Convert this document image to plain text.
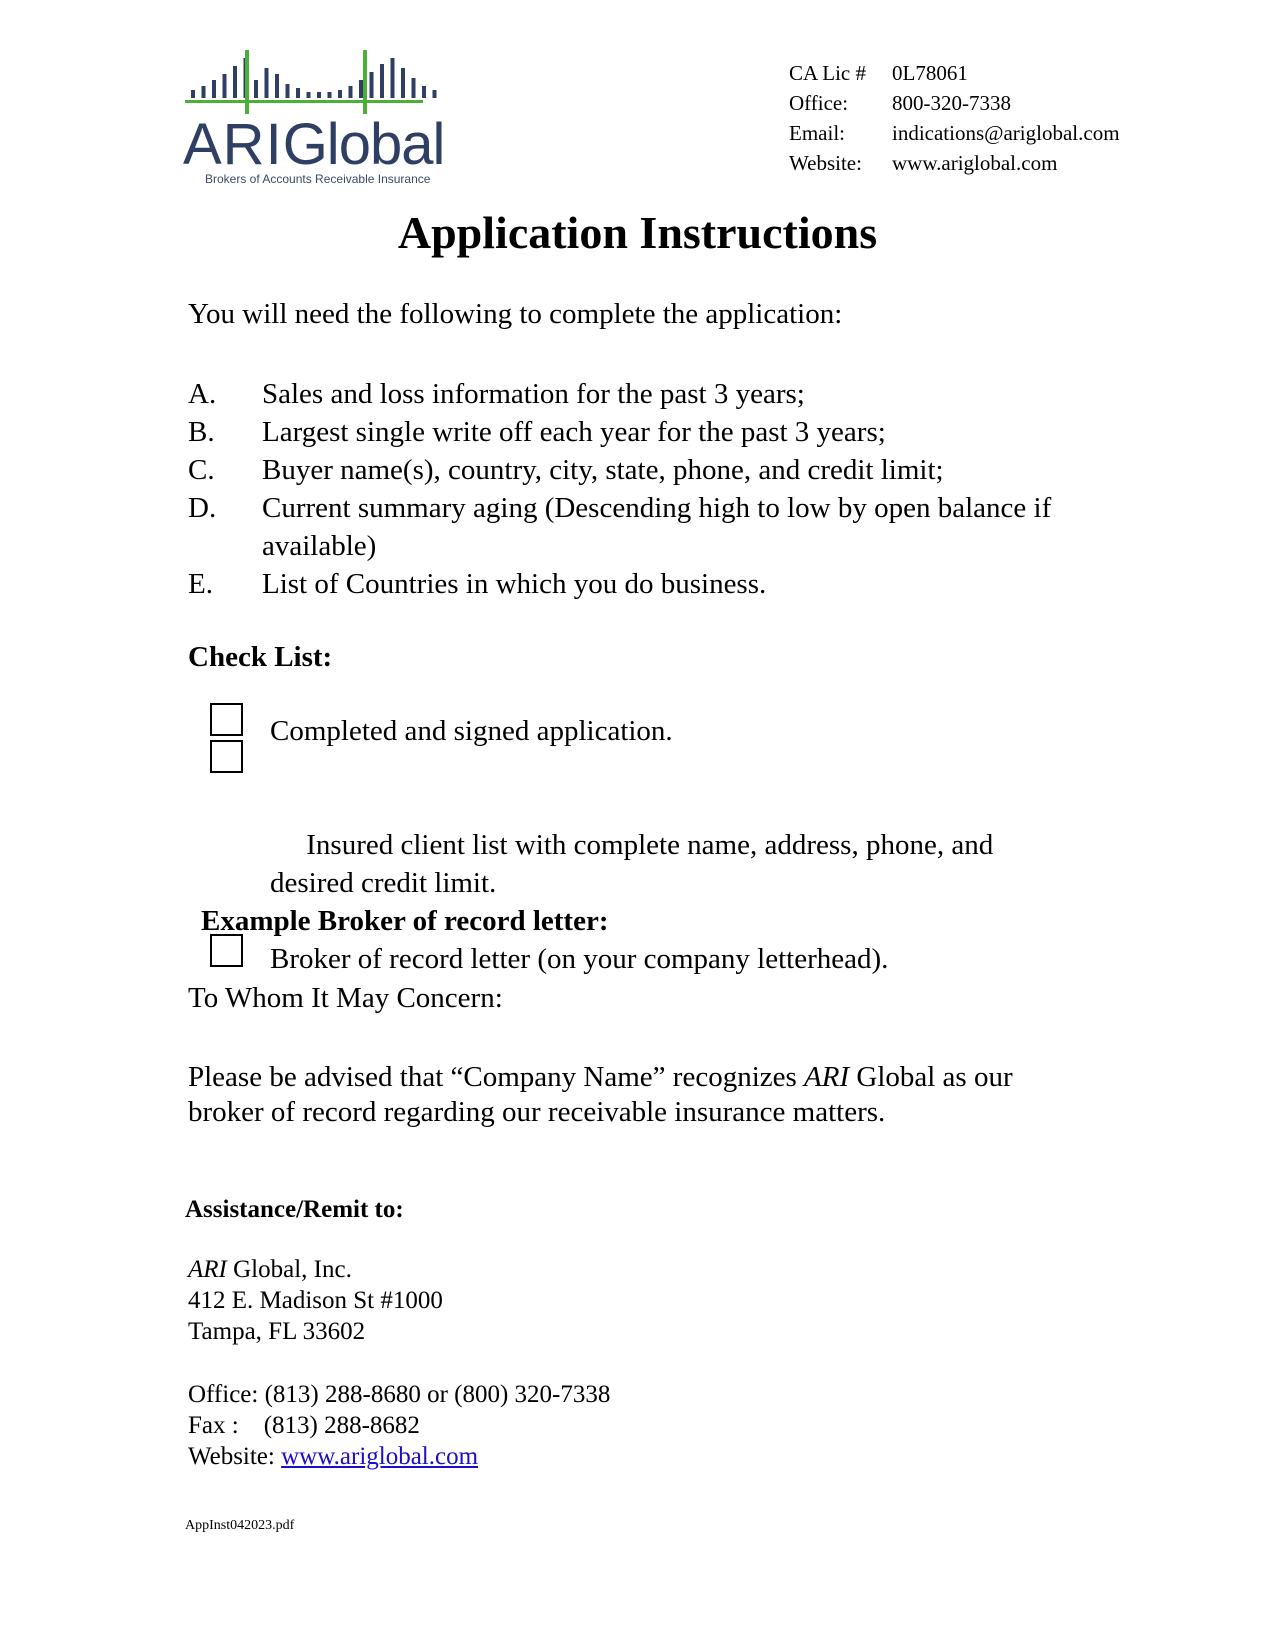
ARIGlobal
Brokers of Accounts Receivable Insurance
CA Lic # 0L78061
Office: 800-320-7338
Email: indications@ariglobal.com
Website: www.ariglobal.com
Application Instructions
You will need the following to complete the application:
A. Sales and loss information for the past 3 years;
B. Largest single write off each year for the past 3 years;
C. Buyer name(s), country, city, state, phone, and credit limit;
D. Current summary aging (Descending high to low by open balance if available)
E. List of Countries in which you do business.
Check List:
Completed and signed application.

Insured client list with complete name, address, phone, and desired credit limit.

Broker of record letter (on your company letterhead).
Example Broker of record letter:
To Whom It May Concern:
Please be advised that “Company Name” recognizes ARI Global as our broker of record regarding our receivable insurance matters.
Assistance/Remit to:
ARI Global, Inc.
412 E. Madison St #1000
Tampa, FL 33602
Office: (813) 288-8680 or (800) 320-7338
Fax :    (813) 288-8682
Website: www.ariglobal.com
AppInst042023.pdf
